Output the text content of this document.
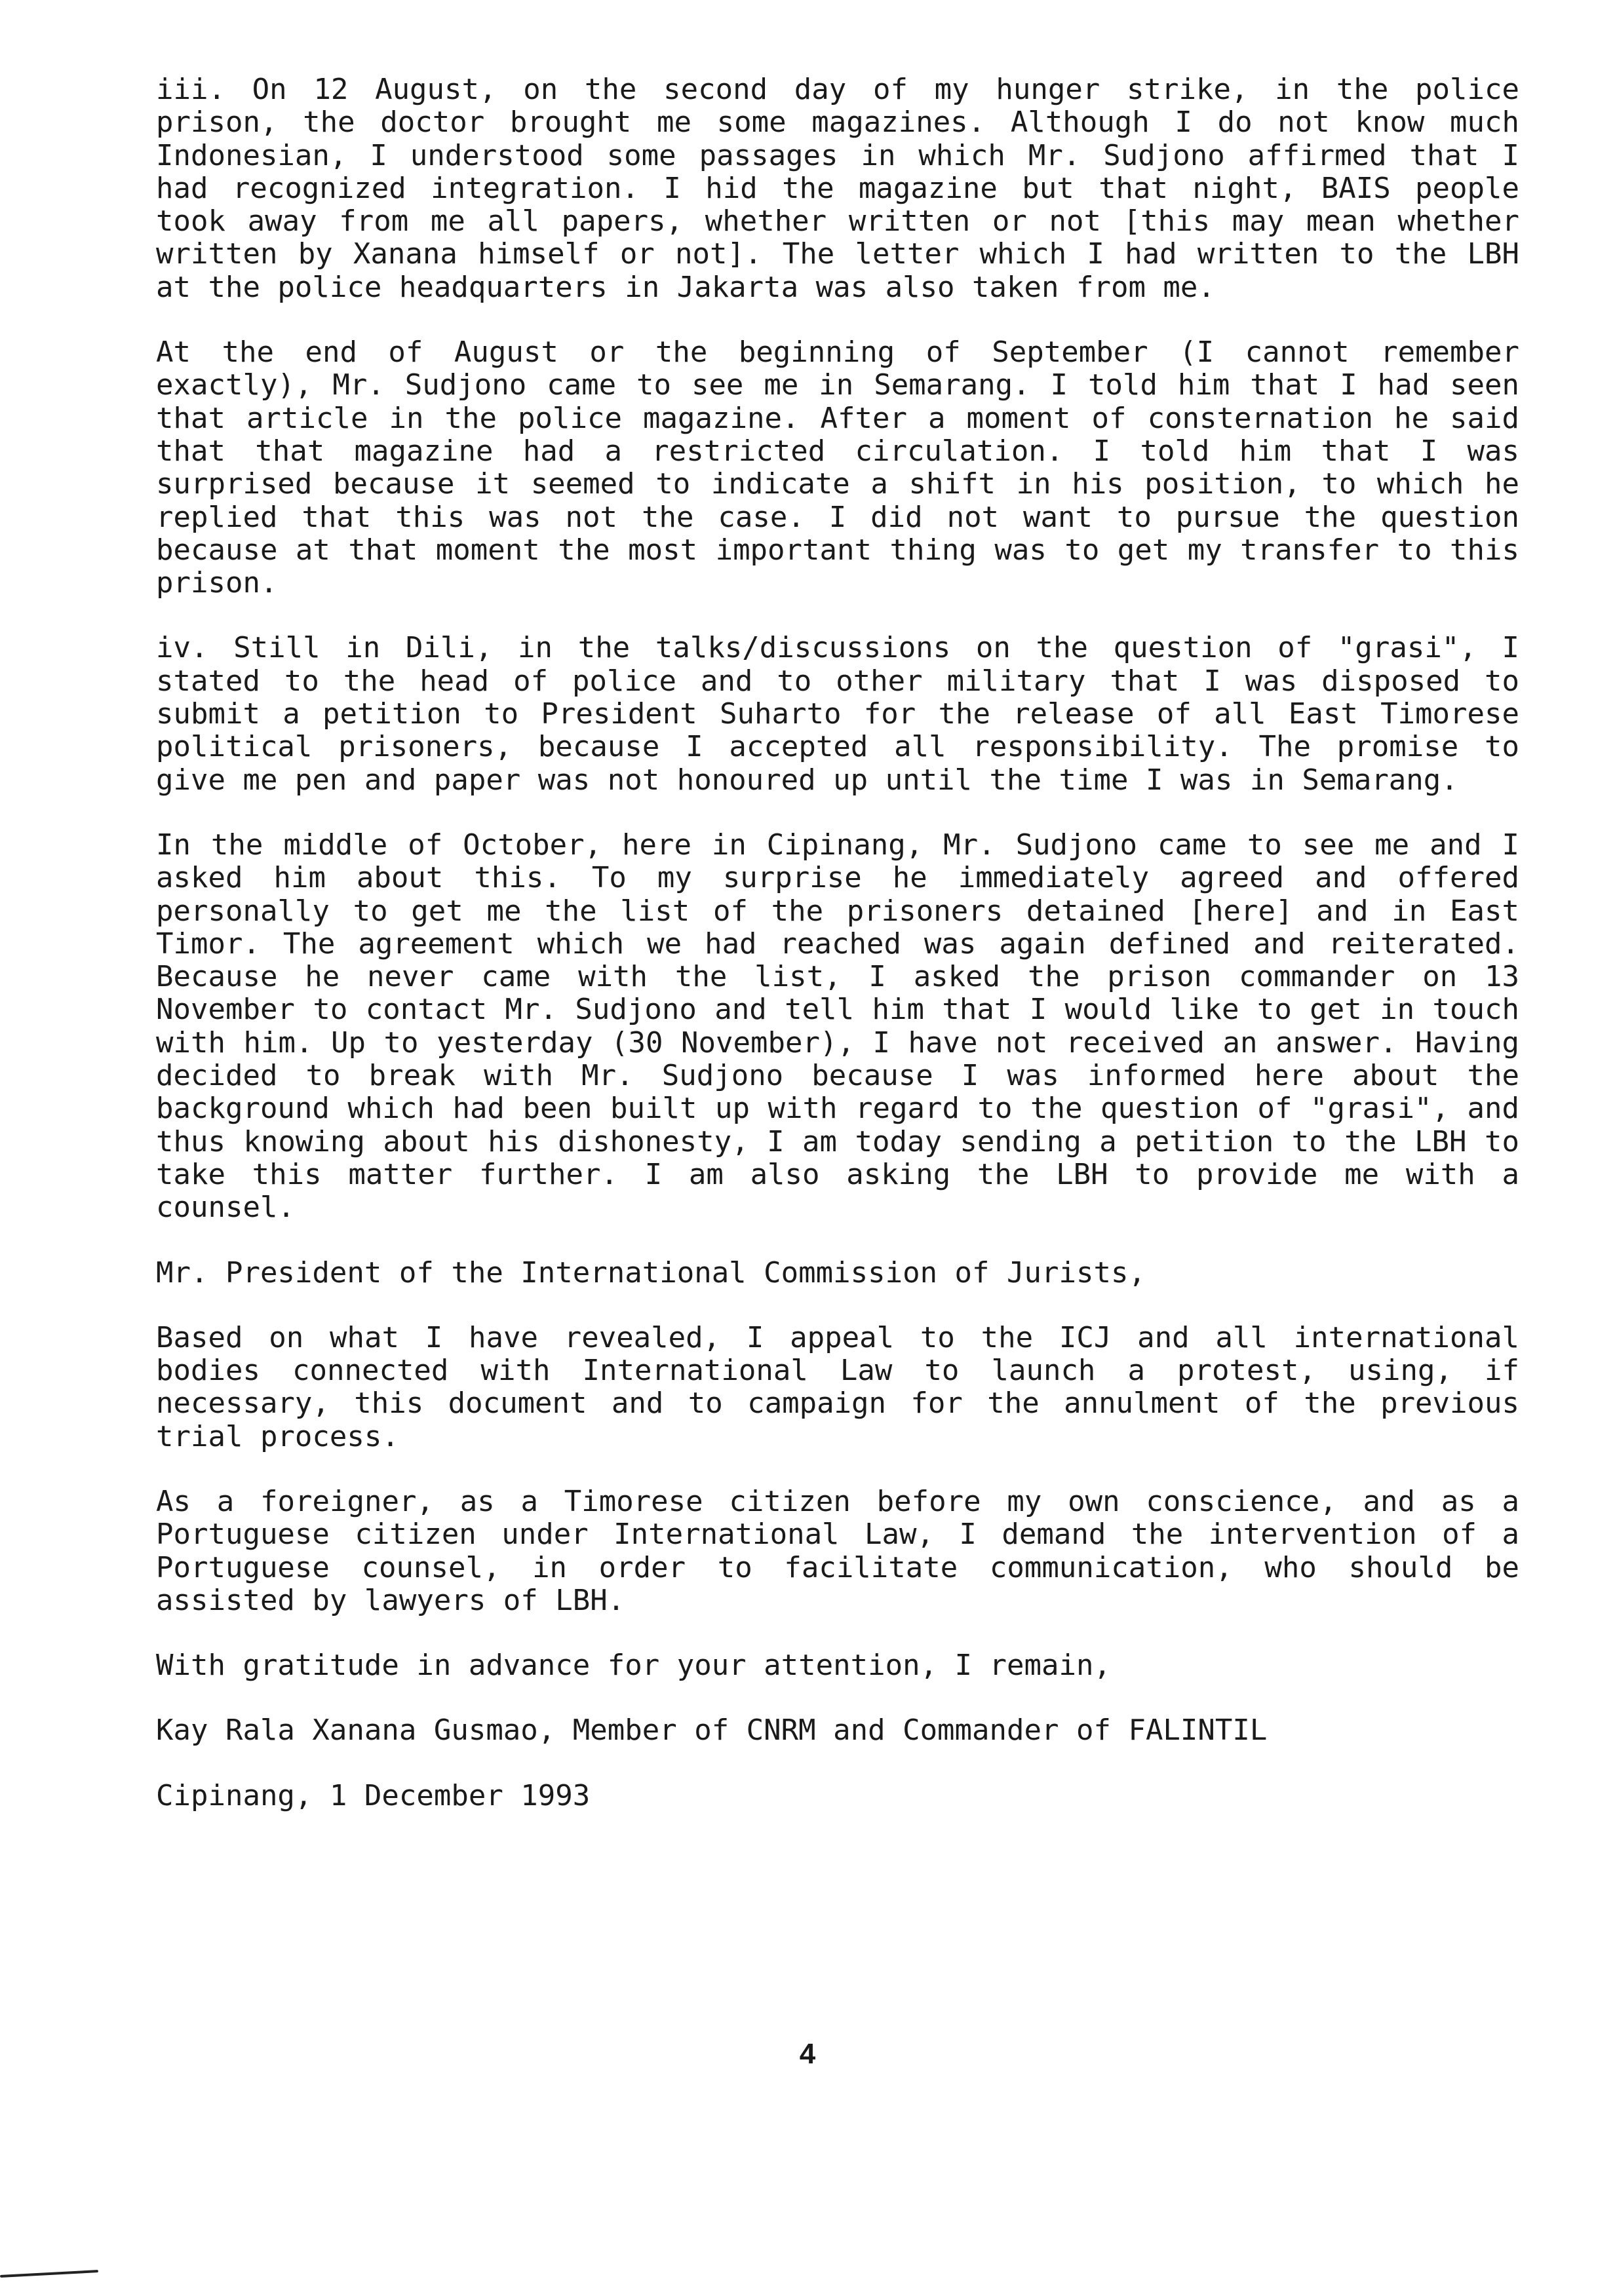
iii. On 12 August, on the second day of my hunger strike, in the police prison, the doctor brought me some magazines. Although I do not know much Indonesian, I understood some passages in which Mr. Sudjono affirmed that I had recognized integration. I hid the magazine but that night, BAIS people took away from me all papers, whether written or not [this may mean whether written by Xanana himself or not]. The letter which I had written to the LBH at the police headquarters in Jakarta was also taken from me.

At the end of August or the beginning of September (I cannot remember exactly), Mr. Sudjono came to see me in Semarang. I told him that I had seen that article in the police magazine. After a moment of consternation he said that that magazine had a restricted circulation. I told him that I was surprised because it seemed to indicate a shift in his position, to which he replied that this was not the case. I did not want to pursue the question because at that moment the most important thing was to get my transfer to this prison.

iv. Still in Dili, in the talks/discussions on the question of "grasi", I stated to the head of police and to other military that I was disposed to submit a petition to President Suharto for the release of all East Timorese political prisoners, because I accepted all responsibility. The promise to give me pen and paper was not honoured up until the time I was in Semarang.

In the middle of October, here in Cipinang, Mr. Sudjono came to see me and I asked him about this. To my surprise he immediately agreed and offered personally to get me the list of the prisoners detained [here] and in East Timor. The agreement which we had reached was again defined and reiterated. Because he never came with the list, I asked the prison commander on 13 November to contact Mr. Sudjono and tell him that I would like to get in touch with him. Up to yesterday (30 November), I have not received an answer. Having decided to break with Mr. Sudjono because I was informed here about the background which had been built up with regard to the question of "grasi", and thus knowing about his dishonesty, I am today sending a petition to the LBH to take this matter further. I am also asking the LBH to provide me with a counsel.

Mr. President of the International Commission of Jurists,

Based on what I have revealed, I appeal to the ICJ and all international bodies connected with International Law to launch a protest, using, if necessary, this document and to campaign for the annulment of the previous trial process.

As a foreigner, as a Timorese citizen before my own conscience, and as a Portuguese citizen under International Law, I demand the intervention of a Portuguese counsel, in order to facilitate communication, who should be assisted by lawyers of LBH.

With gratitude in advance for your attention, I remain,

Kay Rala Xanana Gusmao, Member of CNRM and Commander of FALINTIL

Cipinang, 1 December 1993

4
